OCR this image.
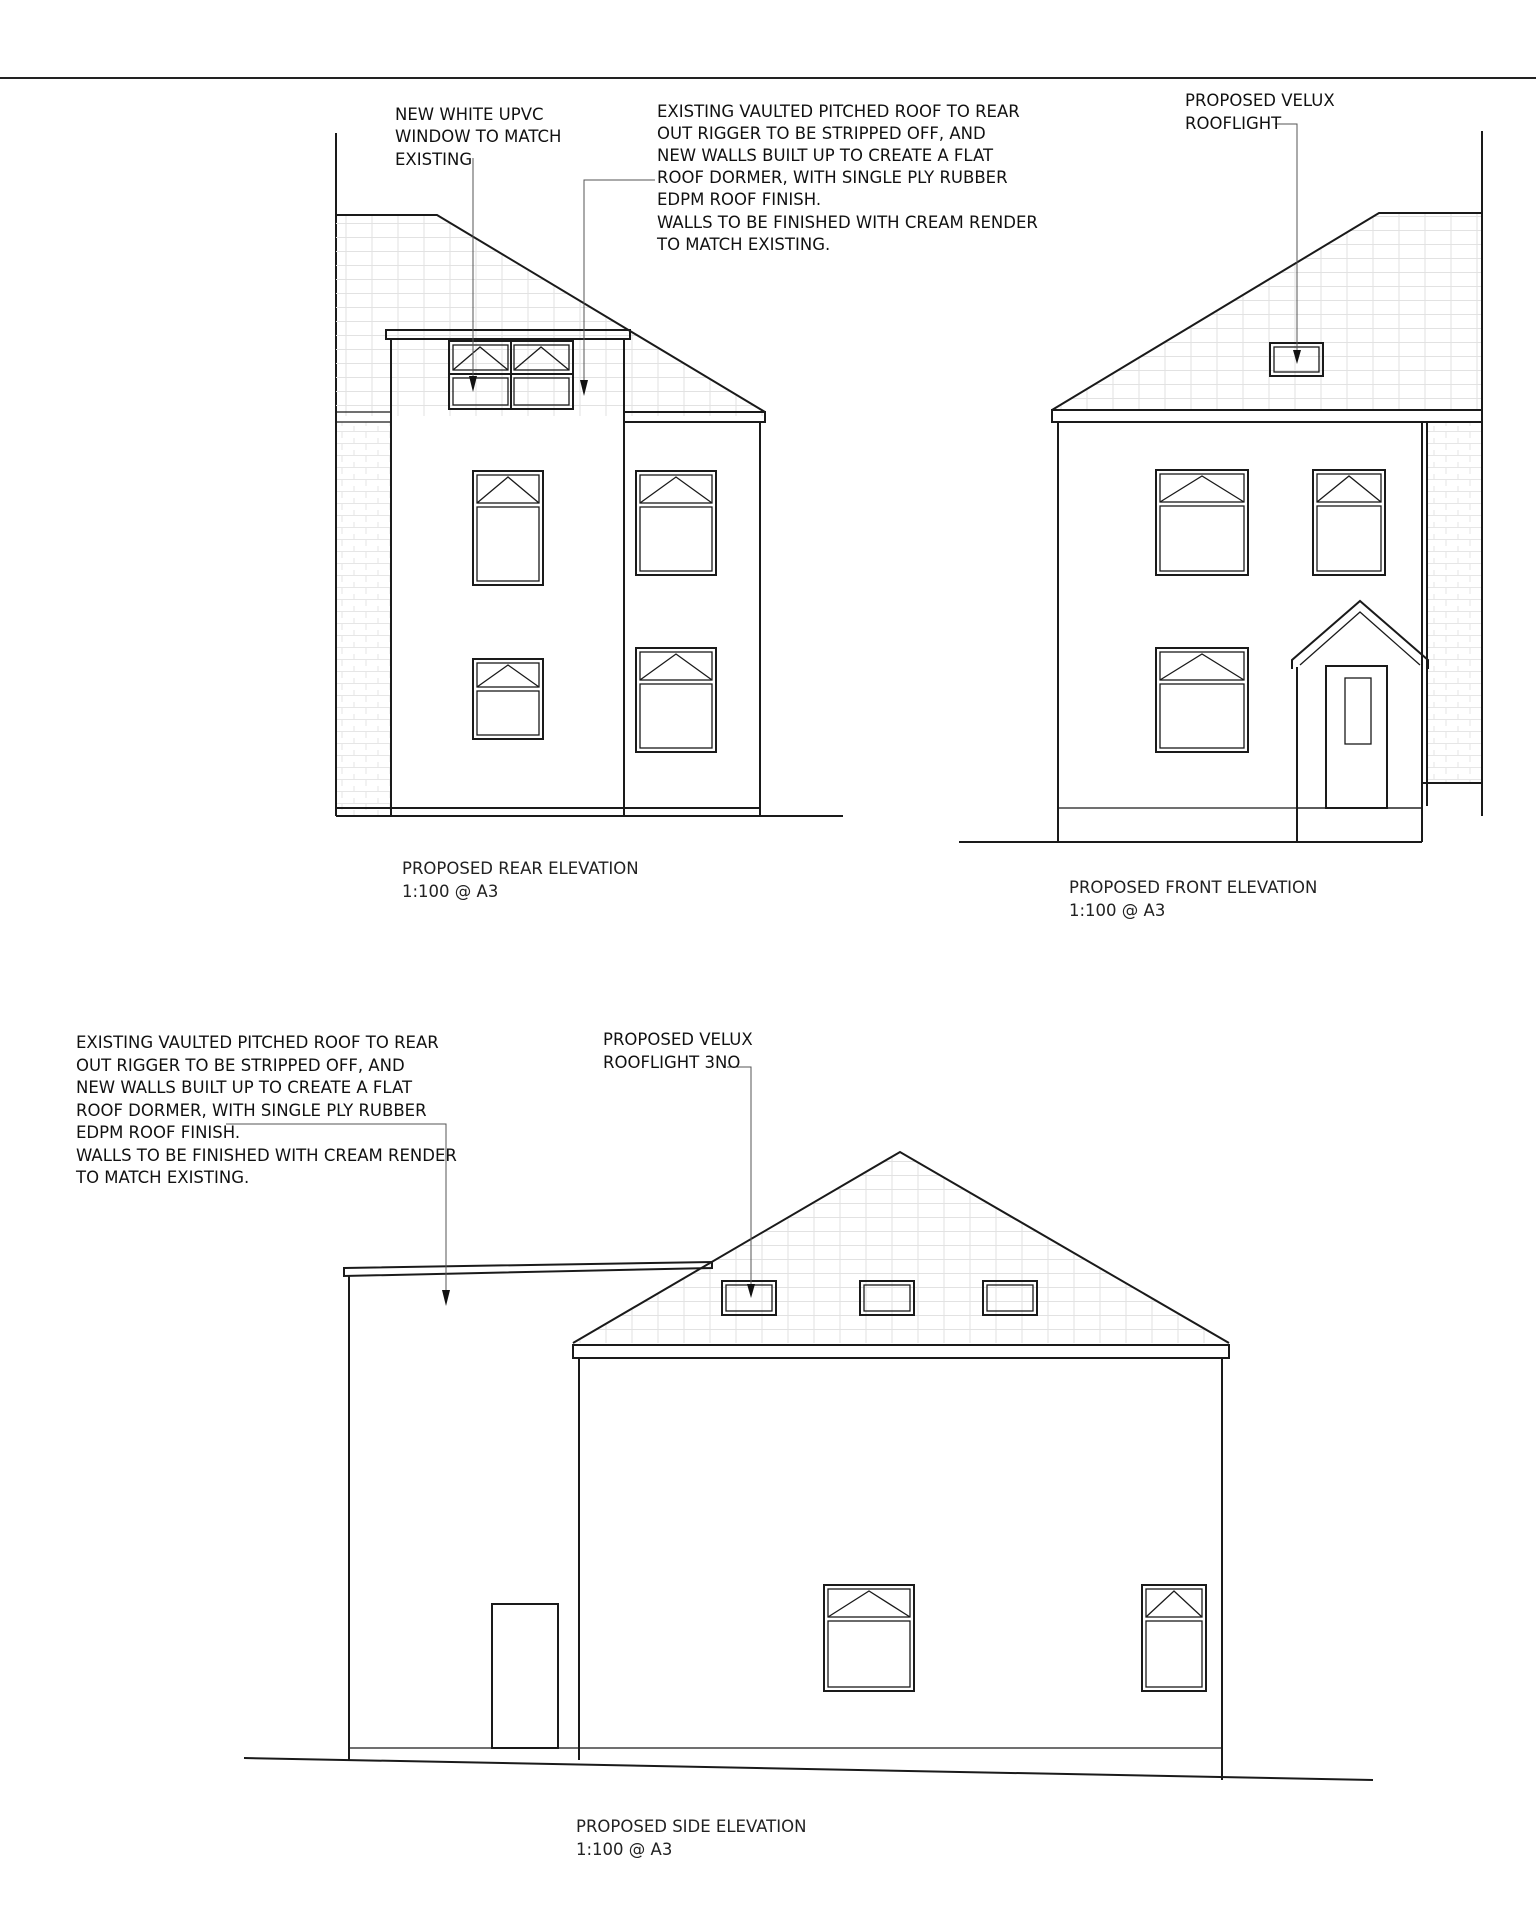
NEW WHITE UPVC
WINDOW TO MATCH
EXISTING
EXISTING VAULTED PITCHED ROOF TO REAR
OUT RIGGER TO BE STRIPPED OFF, AND
NEW WALLS BUILT UP TO CREATE A FLAT
ROOF DORMER, WITH SINGLE PLY RUBBER
EDPM ROOF FINISH.
WALLS TO BE FINISHED WITH CREAM RENDER
TO MATCH EXISTING.
PROPOSED REAR ELEVATION
1:100 @ A3
PROPOSED VELUX
ROOFLIGHT
PROPOSED FRONT ELEVATION
1:100 @ A3
EXISTING VAULTED PITCHED ROOF TO REAR
OUT RIGGER TO BE STRIPPED OFF, AND
NEW WALLS BUILT UP TO CREATE A FLAT
ROOF DORMER, WITH SINGLE PLY RUBBER
EDPM ROOF FINISH.
WALLS TO BE FINISHED WITH CREAM RENDER
TO MATCH EXISTING.
PROPOSED VELUX
ROOFLIGHT 3NO
PROPOSED SIDE ELEVATION
1:100 @ A3
